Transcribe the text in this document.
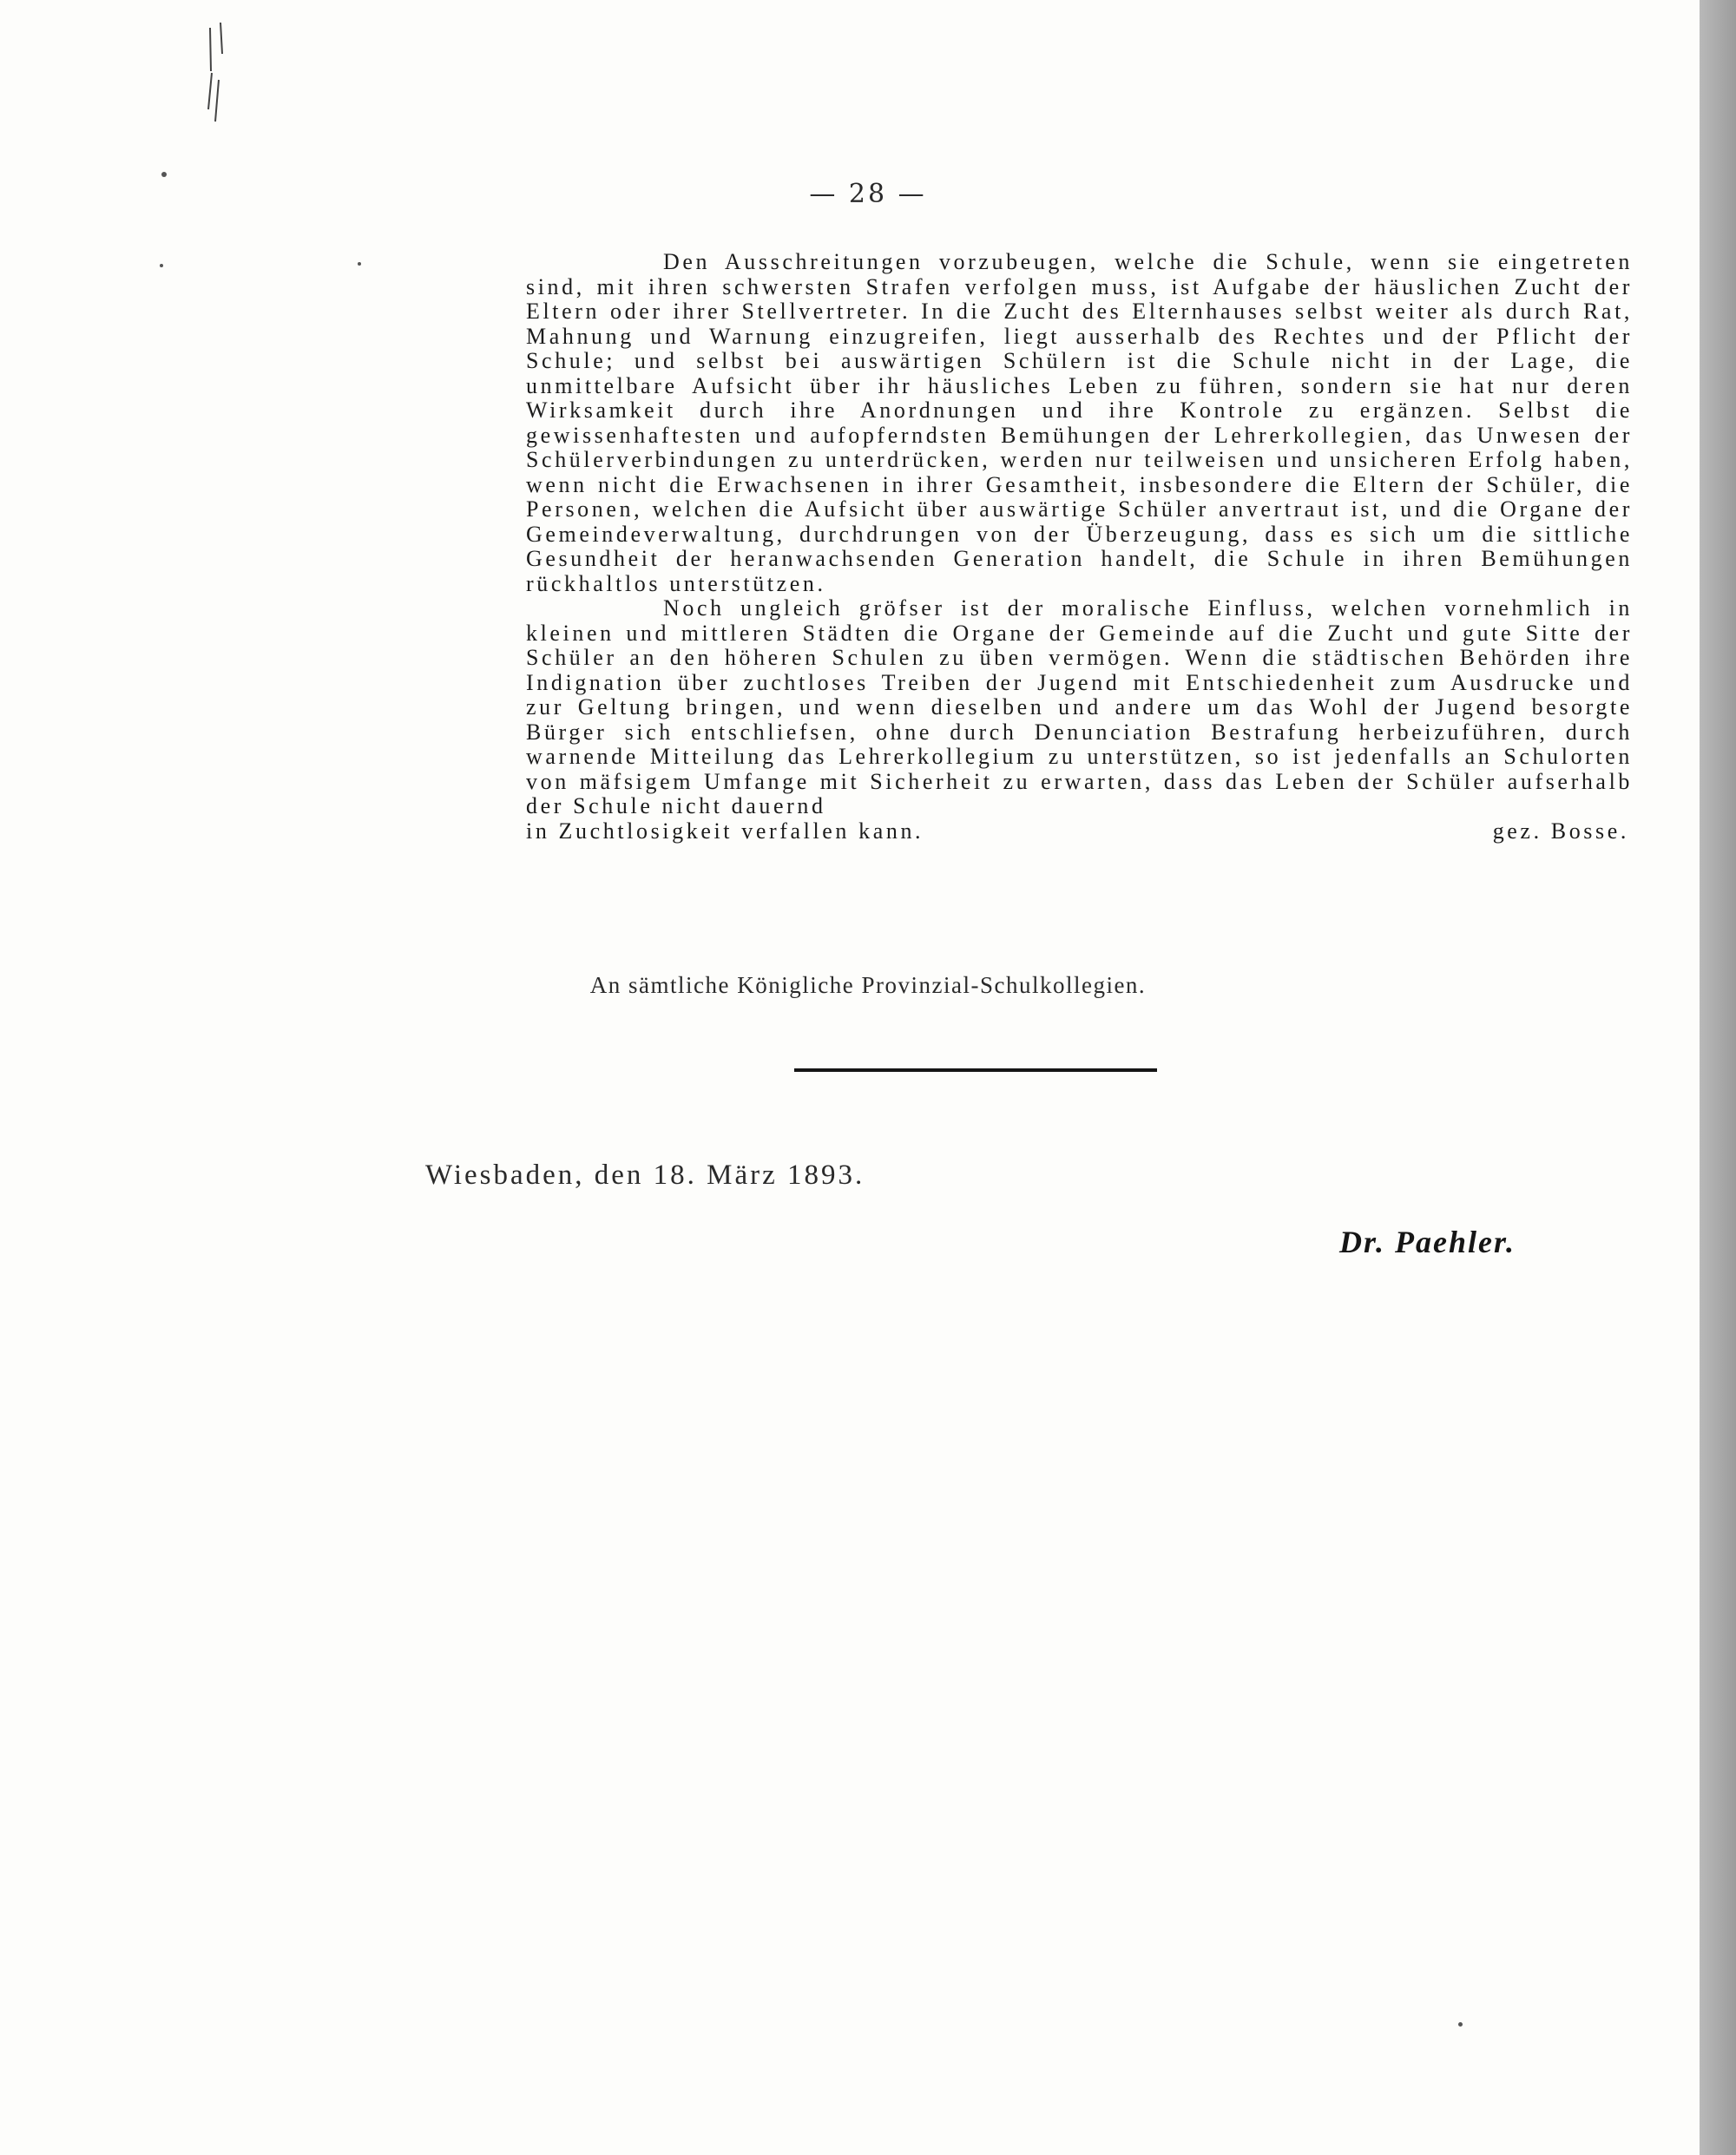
— 28 —

Den Ausschreitungen vorzubeugen, welche die Schule, wenn sie eingetreten sind, mit ihren schwersten Strafen verfolgen muss, ist Aufgabe der häuslichen Zucht der Eltern oder ihrer Stellvertreter. In die Zucht des Elternhauses selbst weiter als durch Rat, Mahnung und Warnung einzugreifen, liegt ausserhalb des Rechtes und der Pflicht der Schule; und selbst bei auswärtigen Schülern ist die Schule nicht in der Lage, die unmittelbare Aufsicht über ihr häusliches Leben zu führen, sondern sie hat nur deren Wirksamkeit durch ihre Anordnungen und ihre Kontrole zu ergänzen. Selbst die gewissenhaftesten und aufopferndsten Bemühungen der Lehrerkollegien, das Unwesen der Schülerverbindungen zu unterdrücken, werden nur teilweisen und unsicheren Erfolg haben, wenn nicht die Erwachsenen in ihrer Gesamtheit, insbesondere die Eltern der Schüler, die Personen, welchen die Aufsicht über auswärtige Schüler anvertraut ist, und die Organe der Gemeindeverwaltung, durchdrungen von der Überzeugung, dass es sich um die sittliche Gesundheit der heranwachsenden Generation handelt, die Schule in ihren Bemühungen rückhaltlos unterstützen.

Noch ungleich gröfser ist der moralische Einfluss, welchen vornehmlich in kleinen und mittleren Städten die Organe der Gemeinde auf die Zucht und gute Sitte der Schüler an den höheren Schulen zu üben vermögen. Wenn die städtischen Behörden ihre Indignation über zuchtloses Treiben der Jugend mit Entschiedenheit zum Ausdrucke und zur Geltung bringen, und wenn dieselben und andere um das Wohl der Jugend besorgte Bürger sich entschliefsen, ohne durch Denunciation Bestrafung herbeizuführen, durch warnende Mitteilung das Lehrerkollegium zu unterstützen, so ist jedenfalls an Schulorten von mäfsigem Umfange mit Sicherheit zu erwarten, dass das Leben der Schüler aufserhalb der Schule nicht dauernd

in Zuchtlosigkeit verfallen kann.	gez. Bosse.
An sämtliche Königliche Provinzial-Schulkollegien.
Wiesbaden, den 18. März 1893.
Dr. Paehler.
